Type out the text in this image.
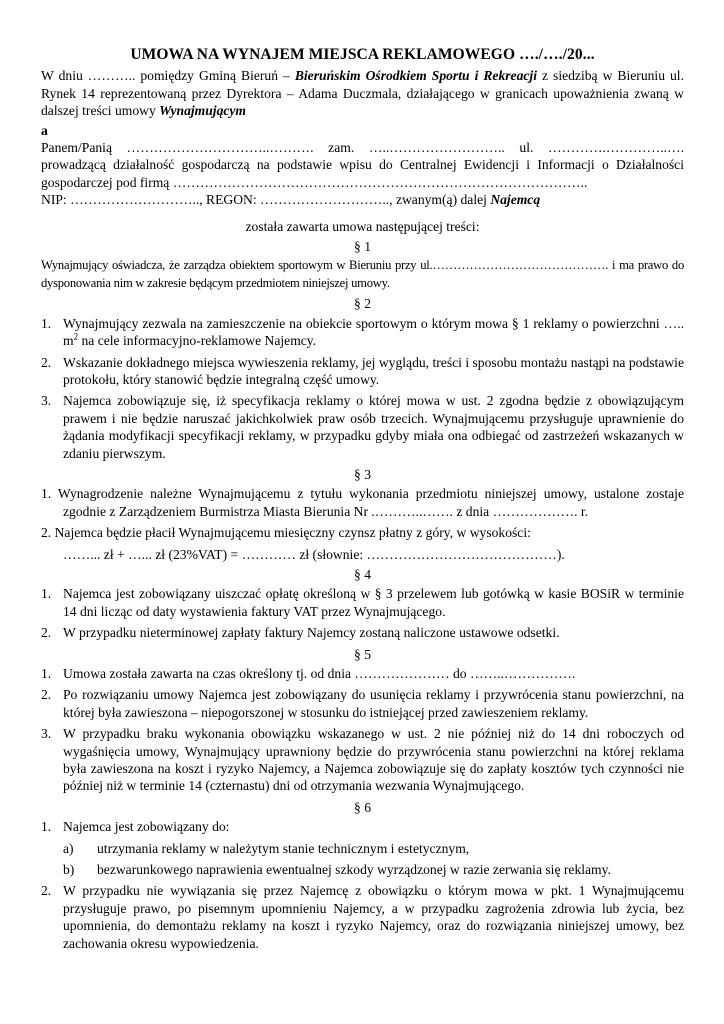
UMOWA NA WYNAJEM MIEJSCA REKLAMOWEGO …./…./20...

W dniu ……….. pomiędzy Gminą Bieruń – Bieruńskim Ośrodkiem Sportu i Rekreacji z siedzibą w Bieruniu ul. Rynek 14 reprezentowaną przez Dyrektora – Adama Duczmala, działającego w granicach upoważnienia zwaną w dalszej treści umowy Wynajmującym

a

Panem/Panią …………………………..………. zam. …..…………………….. ul. ………….…………..…. prowadzącą działalność gospodarczą na podstawie wpisu do Centralnej Ewidencji i Informacji o Działalności gospodarczej pod firmą ………………………………………………………………………………..

NIP: ……………………….., REGON: ……………………….., zwanym(ą) dalej Najemcą

została zawarta umowa następującej treści:

§ 1

Wynajmujący oświadcza, że zarządza obiektem sportowym w Bieruniu przy ul.……………………………………. i ma prawo do dysponowania nim w zakresie będącym przedmiotem niniejszej umowy.

§ 2

1. Wynajmujący zezwala na zamieszczenie na obiekcie sportowym o którym mowa § 1 reklamy o powierzchni ….. $m^2$ na cele informacyjno-reklamowe Najemcy.
2. Wskazanie dokładnego miejsca wywieszenia reklamy, jej wyglądu, treści i sposobu montażu nastąpi na podstawie protokołu, który stanowić będzie integralną część umowy.
3. Najemca zobowiązuje się, iż specyfikacja reklamy o której mowa w ust. 2 zgodna będzie z obowiązującym prawem i nie będzie naruszać jakichkolwiek praw osób trzecich. Wynajmującemu przysługuje uprawnienie do żądania modyfikacji specyfikacji reklamy, w przypadku gdyby miała ona odbiegać od zastrzeżeń wskazanych w zdaniu pierwszym.

§ 3

1. Wynagrodzenie należne Wynajmującemu z tytułu wykonania przedmiotu niniejszej umowy, ustalone zostaje zgodnie z Zarządzeniem Burmistrza Miasta Bierunia Nr .………..……. z dnia ………………. r.

2. Najemca będzie płacił Wynajmującemu miesięczny czynsz płatny z góry, w wysokości:

……... zł + …... zł (23%VAT) = ………… zł (słownie: ……………………………………).

§ 4

1. Najemca jest zobowiązany uiszczać opłatę określoną w § 3 przelewem lub gotówką w kasie BOSiR w terminie 14 dni licząc od daty wystawienia faktury VAT przez Wynajmującego.
2. W przypadku nieterminowej zapłaty faktury Najemcy zostaną naliczone ustawowe odsetki.

§ 5

1. Umowa została zawarta na czas określony tj. od dnia ………………… do ……..…………….
2. Po rozwiązaniu umowy Najemca jest zobowiązany do usunięcia reklamy i przywrócenia stanu powierzchni, na której była zawieszona – niepogorszonej w stosunku do istniejącej przed zawieszeniem reklamy.
3. W przypadku braku wykonania obowiązku wskazanego w ust. 2 nie później niż do 14 dni roboczych od wygaśnięcia umowy, Wynajmujący uprawniony będzie do przywrócenia stanu powierzchni na której reklama była zawieszona na koszt i ryzyko Najemcy, a Najemca zobowiązuje się do zapłaty kosztów tych czynności nie później niż w terminie 14 (czternastu) dni od otrzymania wezwania Wynajmującego.

§ 6

1. Najemca jest zobowiązany do:
a)	utrzymania reklamy w należytym stanie technicznym i estetycznym,
b)	bezwarunkowego naprawienia ewentualnej szkody wyrządzonej w razie zerwania się reklamy.
2. W przypadku nie wywiązania się przez Najemcę z obowiązku o którym mowa w pkt. 1 Wynajmującemu przysługuje prawo, po pisemnym upomnieniu Najemcy, a w przypadku zagrożenia zdrowia lub życia, bez upomnienia, do demontażu reklamy na koszt i ryzyko Najemcy, oraz do rozwiązania niniejszej umowy, bez zachowania okresu wypowiedzenia.
